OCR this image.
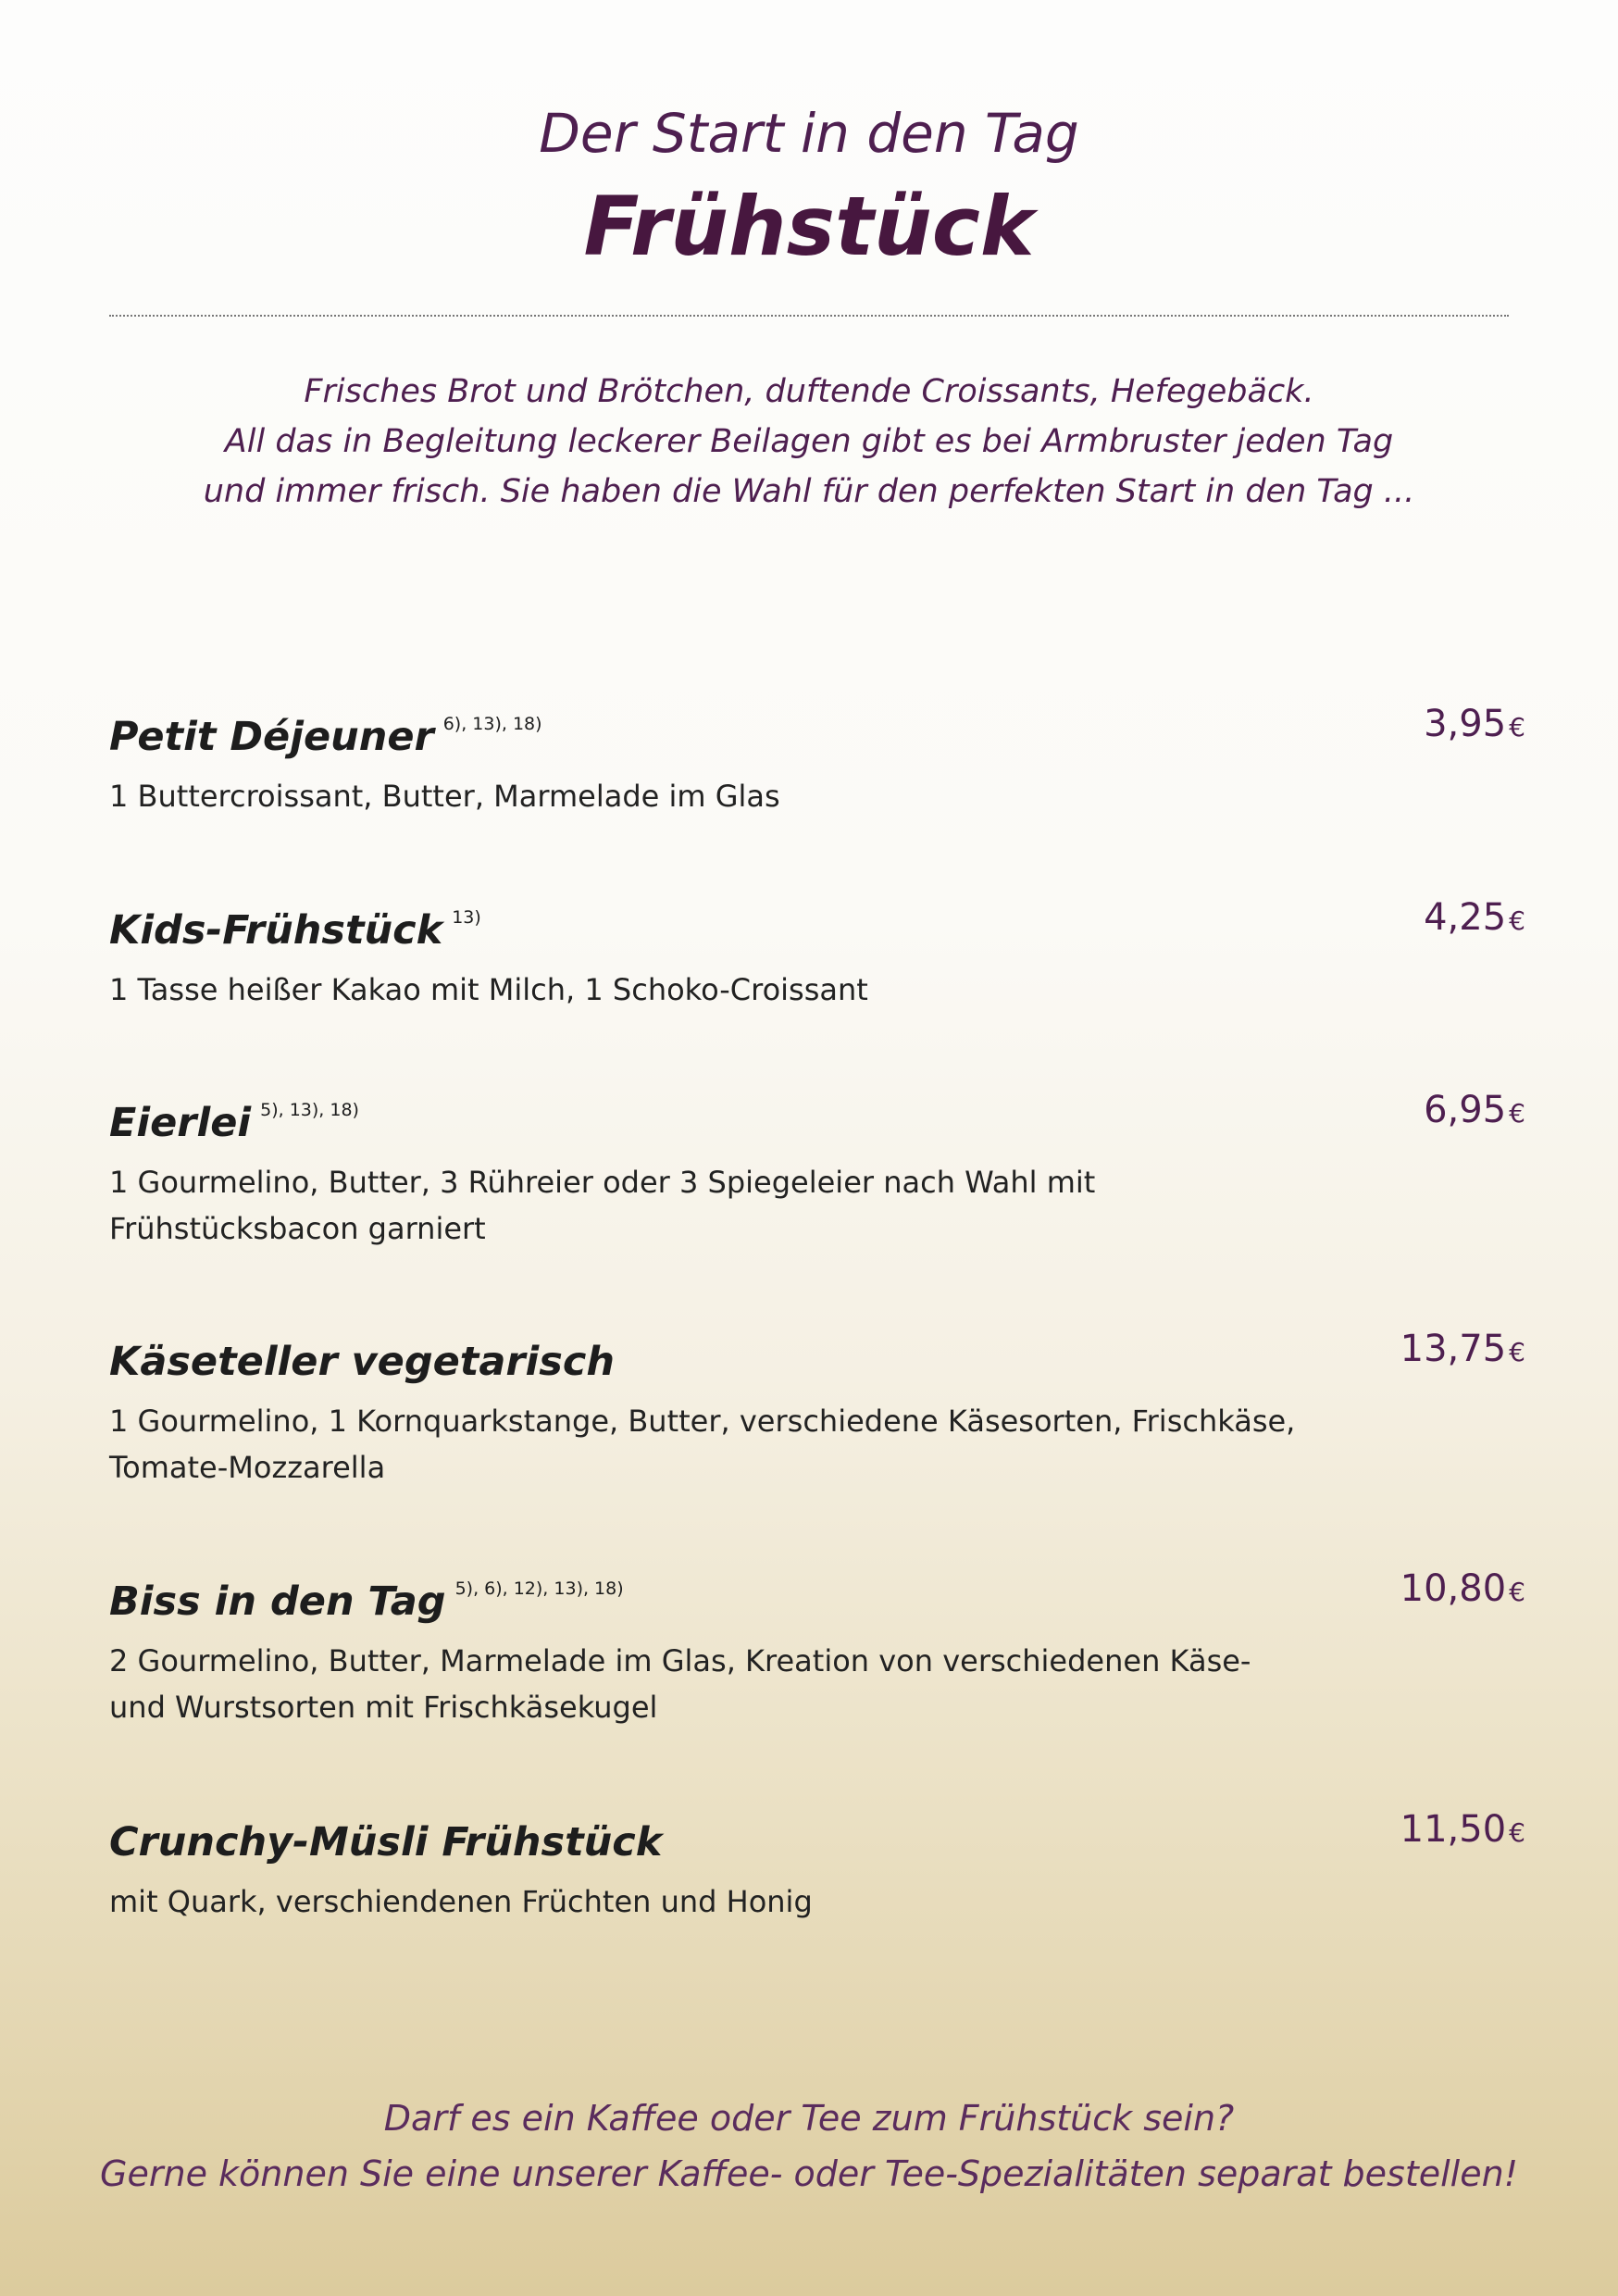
Der Start in den Tag
Frühstück
Frisches Brot und Brötchen, duftende Croissants, Hefegebäck.
All das in Begleitung leckerer Beilagen gibt es bei Armbruster jeden Tag
und immer frisch. Sie haben die Wahl für den perfekten Start in den Tag ...
Petit Déjeuner $^{6), 13), 18)}$	3,95 €
1 Buttercroissant, Butter, Marmelade im Glas
Kids-Frühstück $^{13)}$	4,25 €
1 Tasse heißer Kakao mit Milch, 1 Schoko-Croissant
Eierlei $^{5), 13), 18)}$	6,95 €
1 Gourmelino, Butter, 3 Rühreier oder 3 Spiegeleier nach Wahl mit
Frühstücksbacon garniert
Käseteller vegetarisch	13,75 €
1 Gourmelino, 1 Kornquarkstange, Butter, verschiedene Käsesorten, Frischkäse,
Tomate-Mozzarella
Biss in den Tag $^{5), 6), 12), 13), 18)}$	10,80 €
2 Gourmelino, Butter, Marmelade im Glas, Kreation von verschiedenen Käse-
und Wurstsorten mit Frischkäsekugel
Crunchy-Müsli Frühstück	11,50 €
mit Quark, verschiendenen Früchten und Honig
Darf es ein Kaffee oder Tee zum Frühstück sein?
Gerne können Sie eine unserer Kaffee- oder Tee-Spezialitäten separat bestellen!
